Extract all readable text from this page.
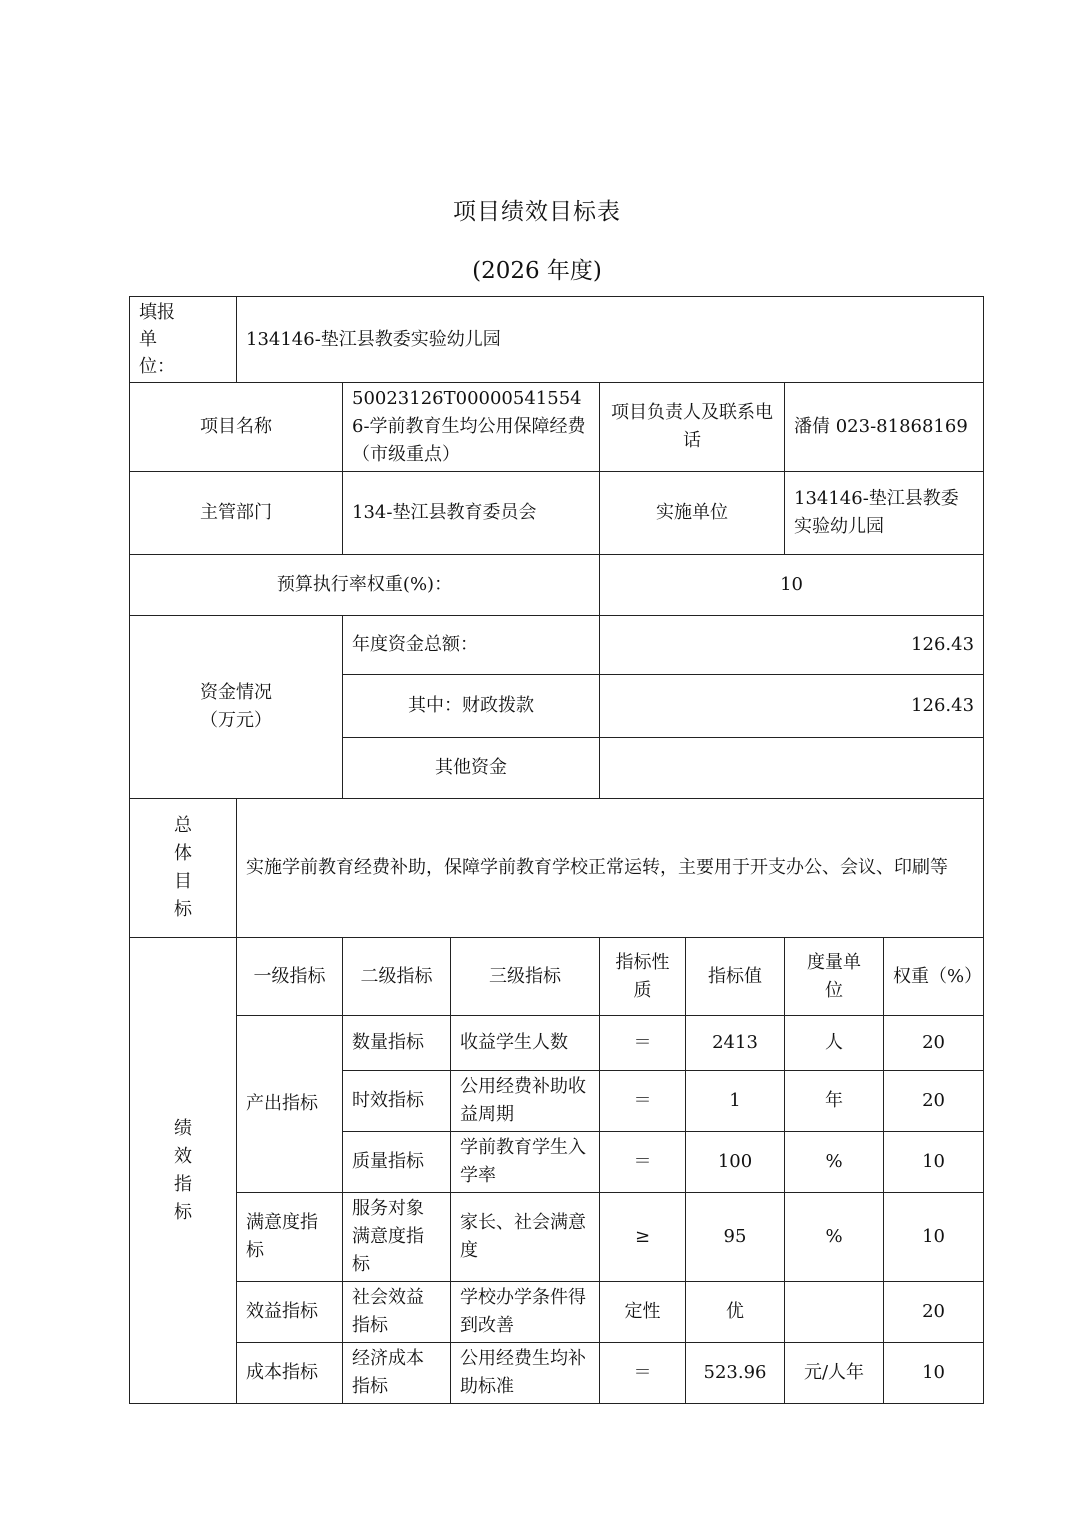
项目绩效目标表
(2026 年度)
填报单位：	134146-垫江县教委实验幼儿园						
项目名称		50023126T000005415546-学前教育生均公用保障经费（市级重点）		项目负责人及联系电话		潘倩 023-81868169	
主管部门		134-垫江县教育委员会		实施单位		134146-垫江县教委实验幼儿园	
预算执行率权重(%)：				10			
资金情况（万元）		年度资金总额：		126.43			
		其中：财政拨款		126.43			
		其他资金					
总体目标	实施学前教育经费补助，保障学前教育学校正常运转，主要用于开支办公、会议、印刷等						
绩效指标	一级指标	二级指标	三级指标	指标性质	指标值	度量单位	权重（%）
	产出指标	数量指标	收益学生人数	＝	2413	人	20
		时效指标	公用经费补助收益周期	＝	1	年	20
		质量指标	学前教育学生入学率	＝	100	%	10
	满意度指标	服务对象满意度指标	家长、社会满意度	≥	95	%	10
	效益指标	社会效益指标	学校办学条件得到改善	定性	优		20
	成本指标	经济成本指标	公用经费生均补助标准	＝	523.96	元/人年	10
